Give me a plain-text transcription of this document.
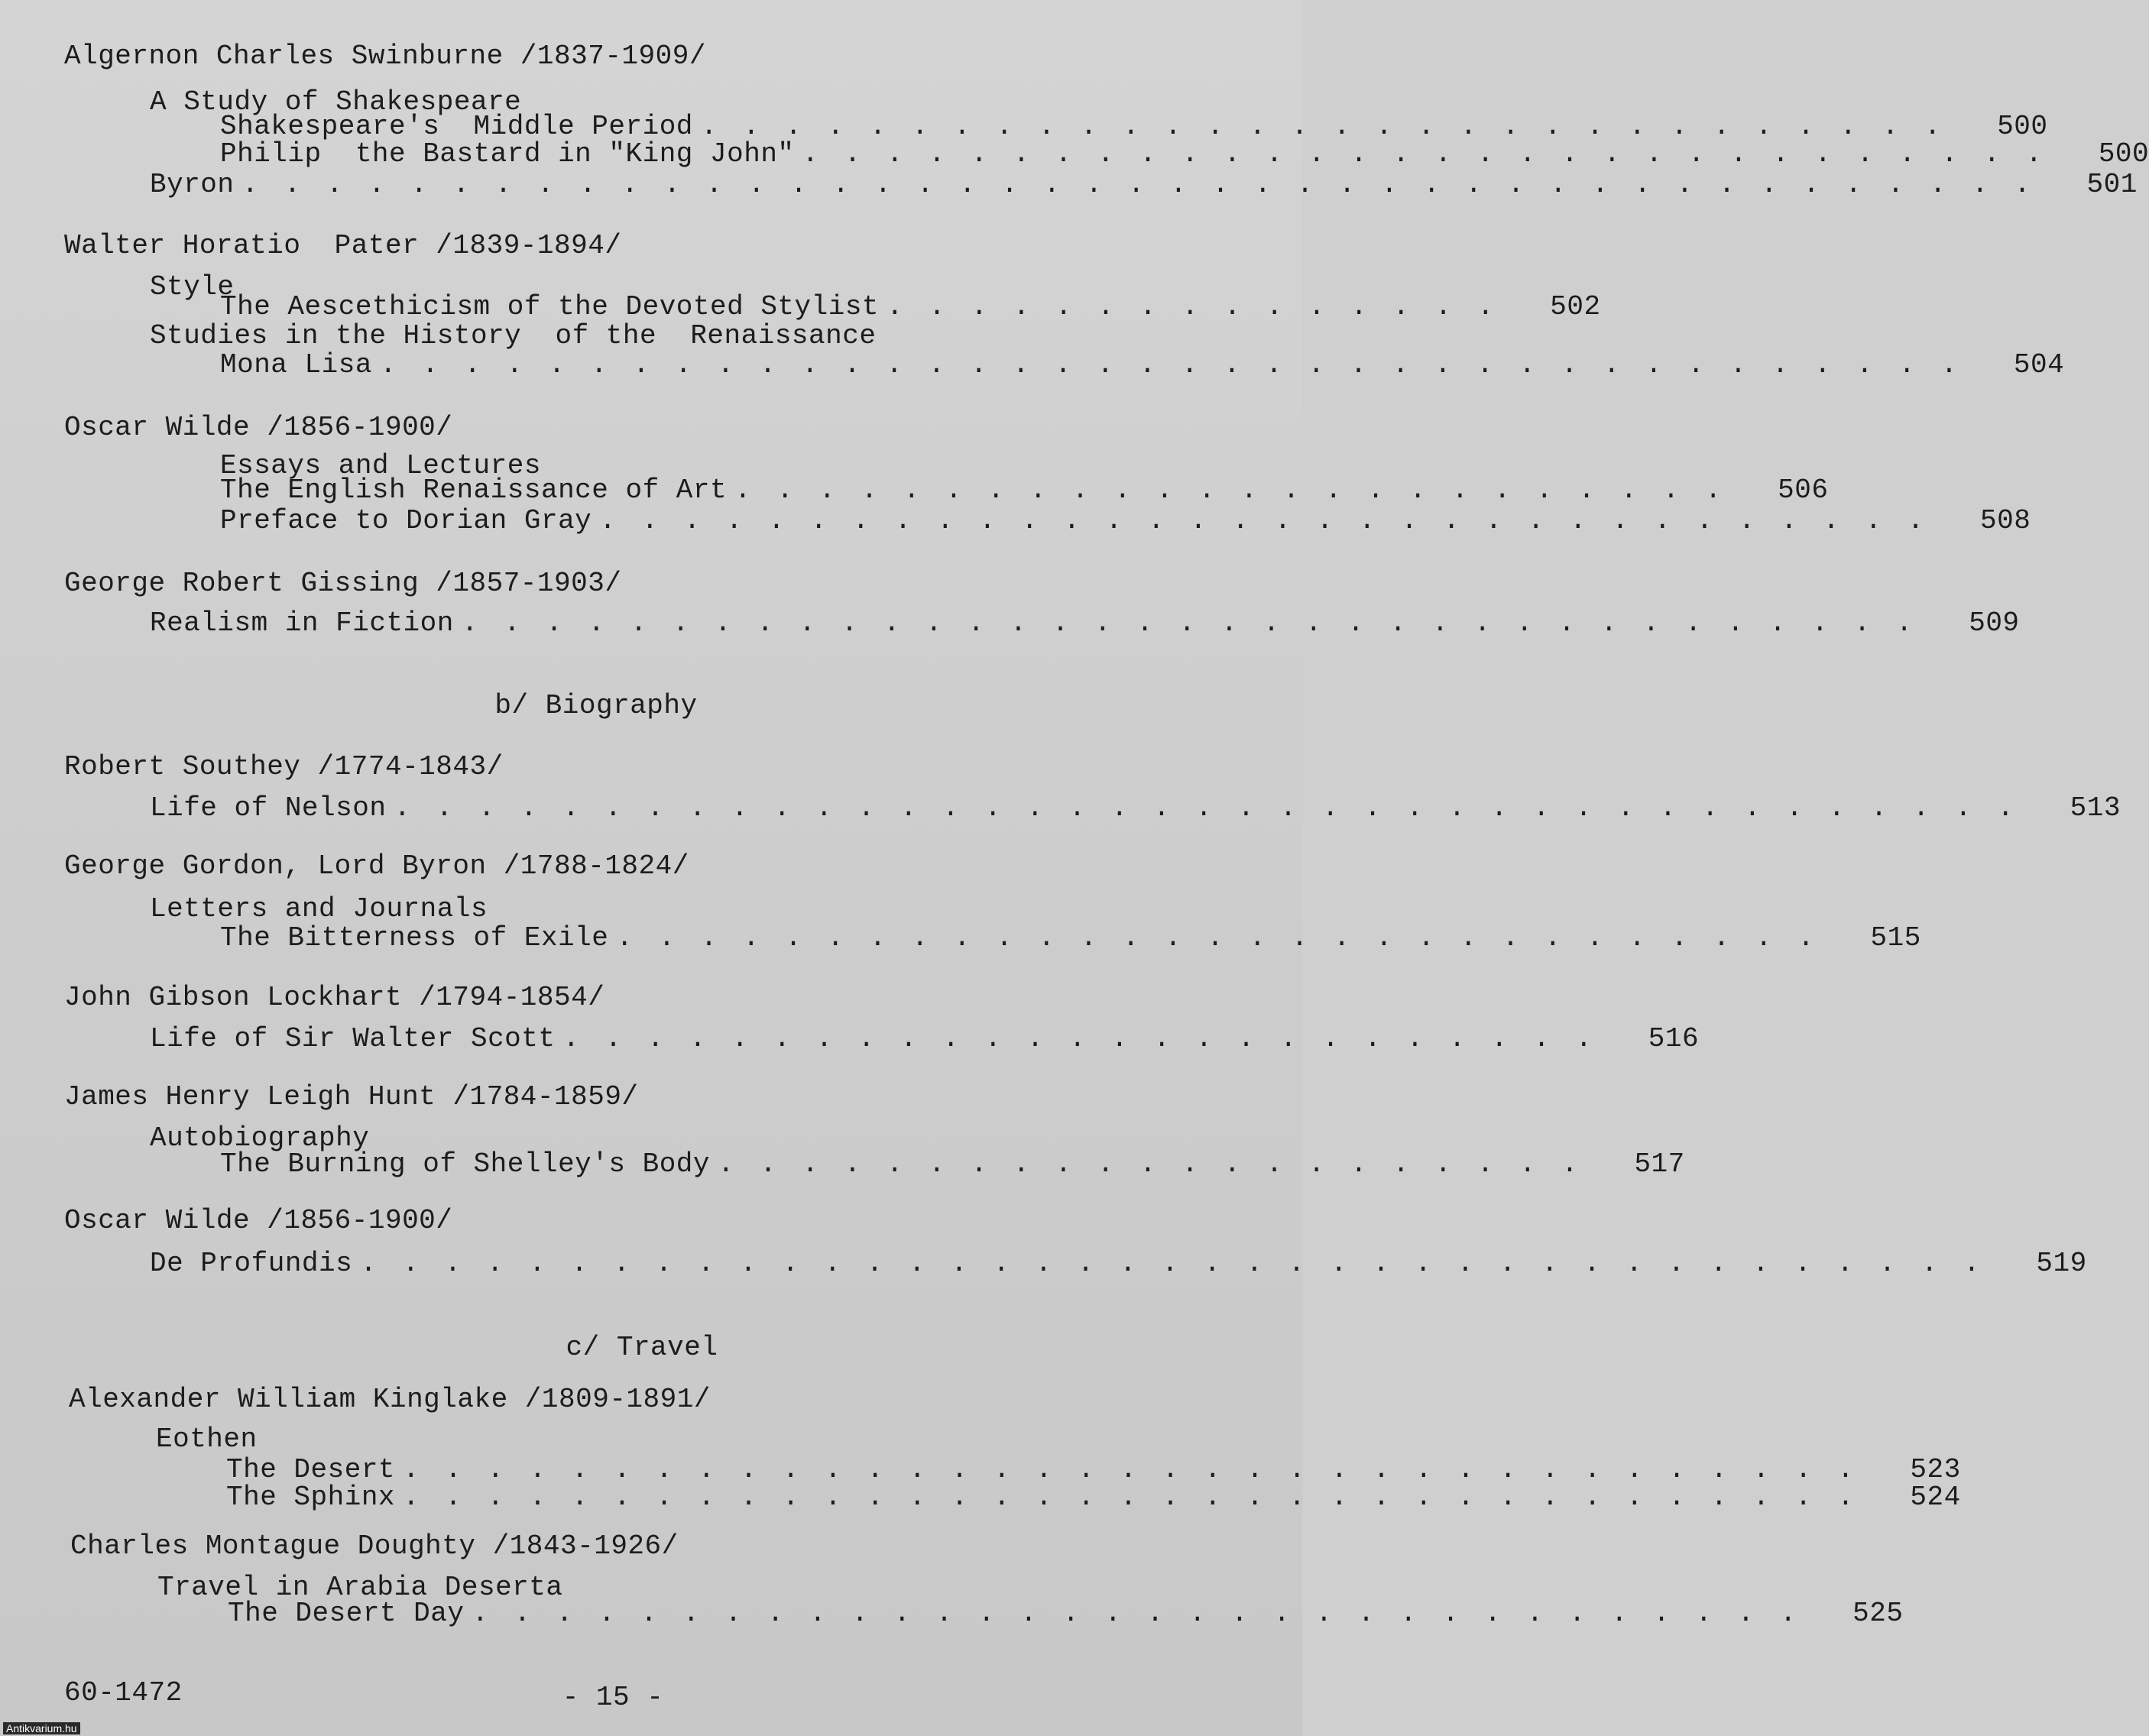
Algernon Charles Swinburne /1837-1909/
A Study of Shakespeare
Shakespeare's  Middle Period . . . . . . . . . . . . . . . . . . . . . . . . . . . . . .	500
Philip  the Bastard in "King John" . . . . . . . . . . . . . . . . . . . . . . . . . . . . . .	500
Byron . . . . . . . . . . . . . . . . . . . . . . . . . . . . . . . . . . . . . . . . . . .	501
Walter Horatio  Pater /1839-1894/
Style
The Aescethicism of the Devoted Stylist . . . . . . . . . . . . . . .	502
Studies in the History  of the  Renaissance
Mona Lisa . . . . . . . . . . . . . . . . . . . . . . . . . . . . . . . . . . . . . .	504
Oscar Wilde /1856-1900/
Essays and Lectures
The English Renaissance of Art . . . . . . . . . . . . . . . . . . . . . . . .	506
Preface to Dorian Gray . . . . . . . . . . . . . . . . . . . . . . . . . . . . . . . .	508
George Robert Gissing /1857-1903/
Realism in Fiction . . . . . . . . . . . . . . . . . . . . . . . . . . . . . . . . . . .	509
b/ Biography
Robert Southey /1774-1843/
Life of Nelson . . . . . . . . . . . . . . . . . . . . . . . . . . . . . . . . . . . . . . .	513
George Gordon, Lord Byron /1788-1824/
Letters and Journals
The Bitterness of Exile . . . . . . . . . . . . . . . . . . . . . . . . . . . . .	515
John Gibson Lockhart /1794-1854/
Life of Sir Walter Scott . . . . . . . . . . . . . . . . . . . . . . . . .	516
James Henry Leigh Hunt /1784-1859/
Autobiography
The Burning of Shelley's Body . . . . . . . . . . . . . . . . . . . . .	517
Oscar Wilde /1856-1900/
De Profundis . . . . . . . . . . . . . . . . . . . . . . . . . . . . . . . . . . . . . . .	519
c/ Travel
Alexander William Kinglake /1809-1891/
Eothen
The Desert . . . . . . . . . . . . . . . . . . . . . . . . . . . . . . . . . . .	523
The Sphinx . . . . . . . . . . . . . . . . . . . . . . . . . . . . . . . . . . .	524
Charles Montague Doughty /1843-1926/
Travel in Arabia Deserta
The Desert Day . . . . . . . . . . . . . . . . . . . . . . . . . . . . . . . .	525
60-1472	- 15 -
Antikvarium.hu
